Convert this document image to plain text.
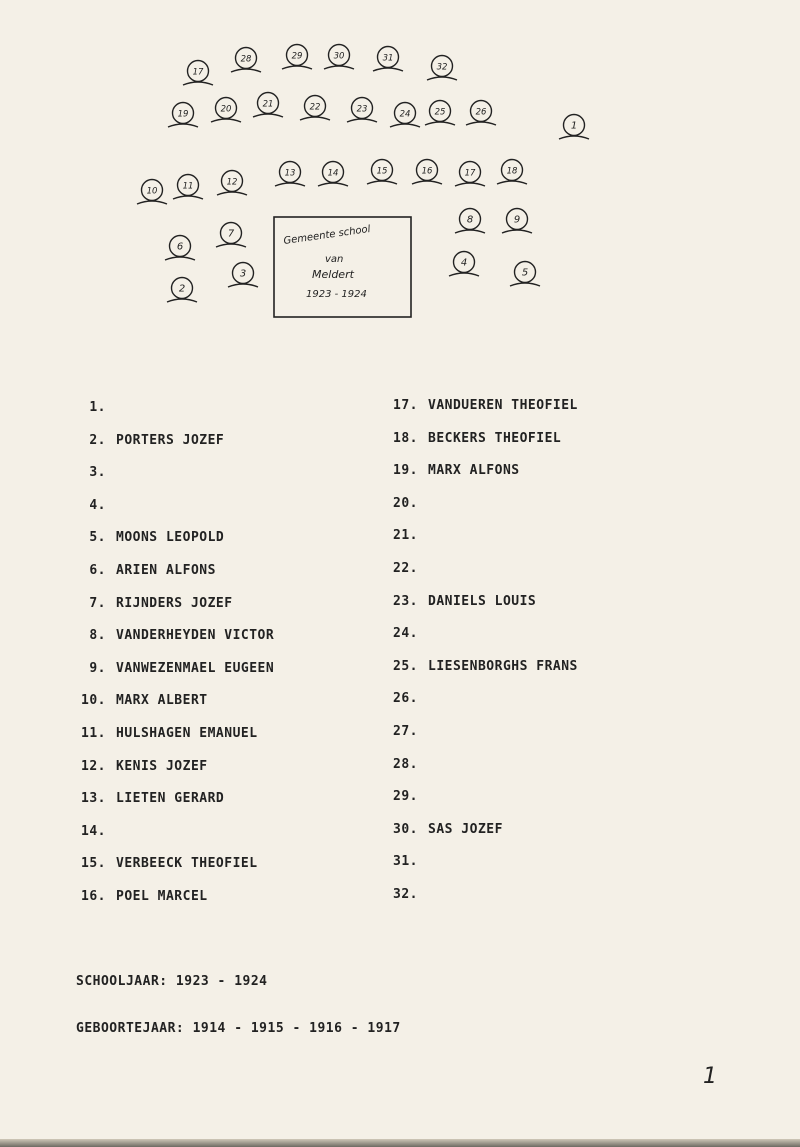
1
2
3
4
5
6
7
8	9
10	11	12
13	14	15	16	17	18
19	20	21	22	23	24	25	26
17
28	29	30	31
32
Gemeente school
van
Meldert
1923 - 1924
1.
2. PORTERS JOZEF
3.
4.
5. MOONS LEOPOLD
6. ARIEN ALFONS
7. RIJNDERS JOZEF
8. VANDERHEYDEN VICTOR
9. VANWEZENMAEL EUGEEN
10. MARX ALBERT
11. HULSHAGEN EMANUEL
12. KENIS JOZEF
13. LIETEN GERARD
14.
15. VERBEECK THEOFIEL
16. POEL MARCEL
17. VANDUEREN THEOFIEL
18. BECKERS THEOFIEL
19. MARX ALFONS
20.
21.
22.
23. DANIELS LOUIS
24.
25. LIESENBORGHS FRANS
26.
27.
28.
29.
30. SAS JOZEF
31.
32.
SCHOOLJAAR: 1923 - 1924
GEBOORTEJAAR: 1914 - 1915 - 1916 - 1917
1
